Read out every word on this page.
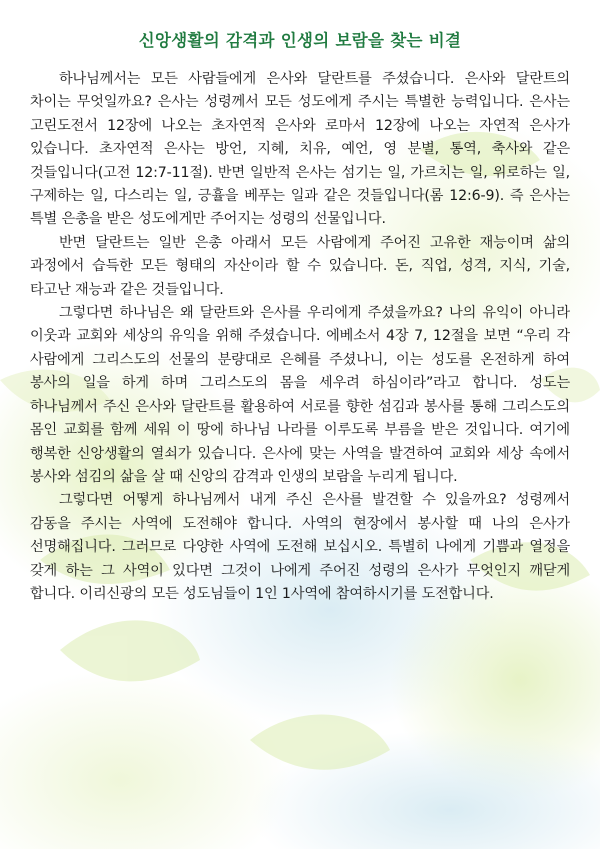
신앙생활의 감격과 인생의 보람을 찾는 비결

하나님께서는 모든 사람들에게 은사와 달란트를 주셨습니다. 은사와 달란트의 차이는 무엇일까요? 은사는 성령께서 모든 성도에게 주시는 특별한 능력입니다. 은사는 고린도전서 12장에 나오는 초자연적 은사와 로마서 12장에 나오는 자연적 은사가 있습니다. 초자연적 은사는 방언, 지혜, 치유, 예언, 영 분별, 통역, 축사와 같은 것들입니다(고전 12:7-11절). 반면 일반적 은사는 섬기는 일, 가르치는 일, 위로하는 일, 구제하는 일, 다스리는 일, 긍휼을 베푸는 일과 같은 것들입니다(롬 12:6-9). 즉 은사는 특별 은총을 받은 성도에게만 주어지는 성령의 선물입니다.

반면 달란트는 일반 은총 아래서 모든 사람에게 주어진 고유한 재능이며 삶의 과정에서 습득한 모든 형태의 자산이라 할 수 있습니다. 돈, 직업, 성격, 지식, 기술, 타고난 재능과 같은 것들입니다.

그렇다면 하나님은 왜 달란트와 은사를 우리에게 주셨을까요? 나의 유익이 아니라 이웃과 교회와 세상의 유익을 위해 주셨습니다. 에베소서 4장 7, 12절을 보면 “우리 각 사람에게 그리스도의 선물의 분량대로 은혜를 주셨나니, 이는 성도를 온전하게 하여 봉사의 일을 하게 하며 그리스도의 몸을 세우려 하심이라”라고 합니다. 성도는 하나님께서 주신 은사와 달란트를 활용하여 서로를 향한 섬김과 봉사를 통해 그리스도의 몸인 교회를 함께 세워 이 땅에 하나님 나라를 이루도록 부름을 받은 것입니다. 여기에 행복한 신앙생활의 열쇠가 있습니다. 은사에 맞는 사역을 발견하여 교회와 세상 속에서 봉사와 섬김의 삶을 살 때 신앙의 감격과 인생의 보람을 누리게 됩니다.

그렇다면 어떻게 하나님께서 내게 주신 은사를 발견할 수 있을까요? 성령께서 감동을 주시는 사역에 도전해야 합니다. 사역의 현장에서 봉사할 때 나의 은사가 선명해집니다. 그러므로 다양한 사역에 도전해 보십시오. 특별히 나에게 기쁨과 열정을 갖게 하는 그 사역이 있다면 그것이 나에게 주어진 성령의 은사가 무엇인지 깨닫게 합니다. 이리신광의 모든 성도님들이 1인 1사역에 참여하시기를 도전합니다.
